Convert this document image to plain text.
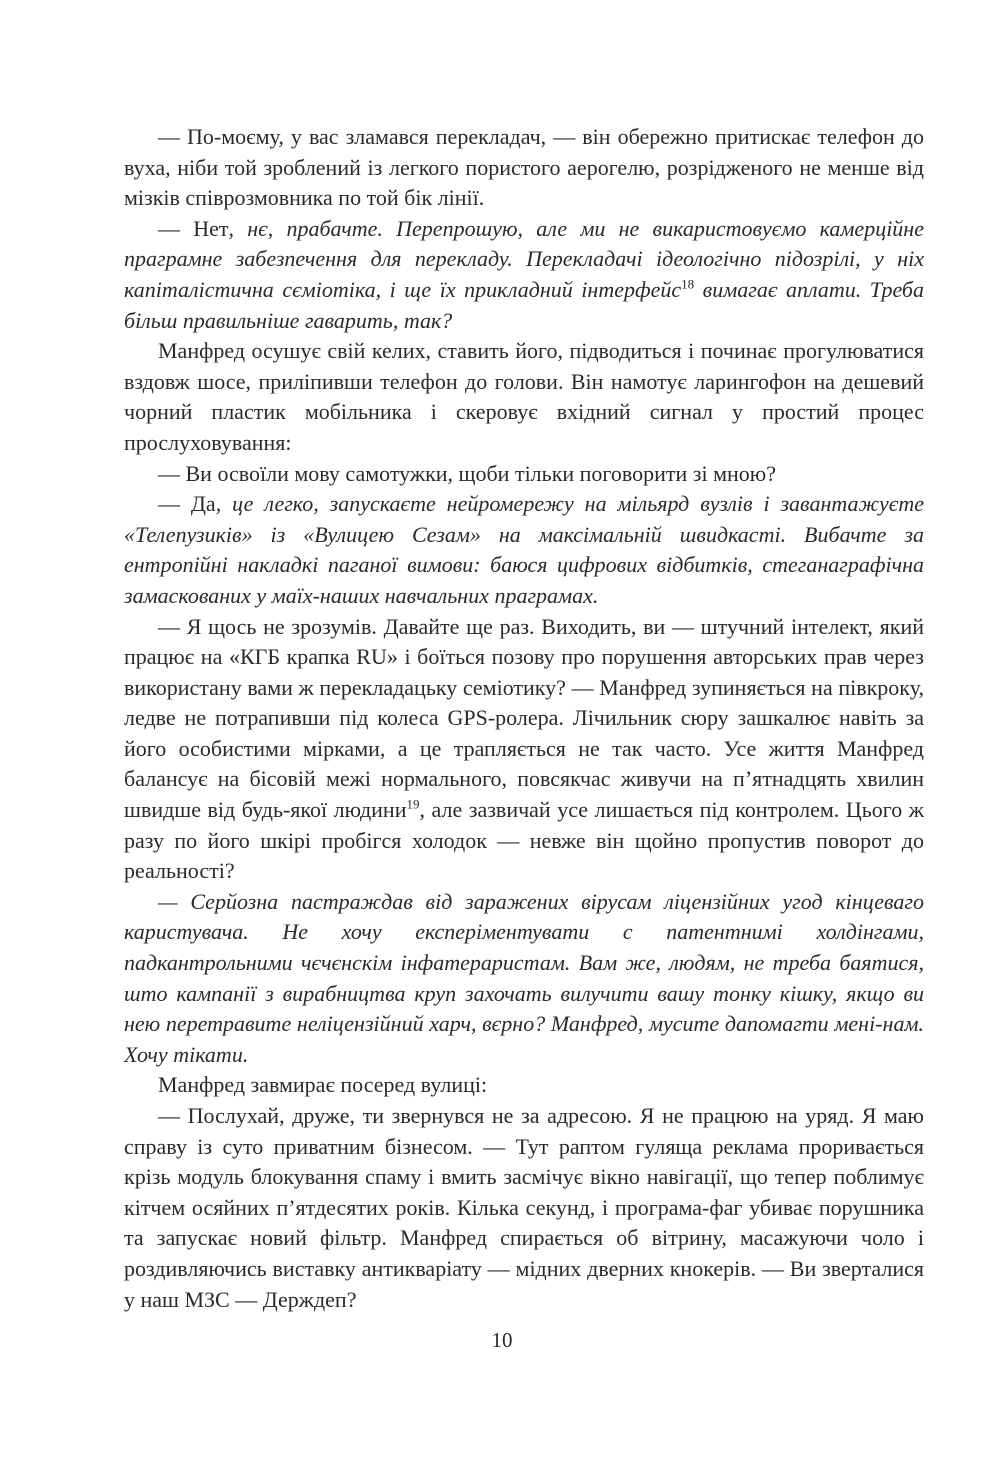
— По-моєму, у вас зламався перекладач, — він обережно притискає телефон до вуха, ніби той зроблений із легкого пористого аерогелю, розрідженого не менше від мізків співрозмовника по той бік лінії.

— Нет, нє, прабачте. Перепрошую, але ми не викаристовуємо камерційне праграмне забезпечення для перекладу. Перекладачі ідеологічно підозрілі, у ніх капіталістична сєміотіка, і ще їх прикладний інтерфейс$^{18}$ вимагає аплати. Треба більш правильніше гаварить, так?

Манфред осушує свій келих, ставить його, підводиться і починає прогулюватися вздовж шосе, приліпивши телефон до голови. Він намотує ларингофон на дешевий чорний пластик мобільника і скеровує вхідний сигнал у простий процес прослуховування:

— Ви освоїли мову самотужки, щоби тільки поговорити зі мною?

— Да, це легко, запускаєте нейромережу на мільярд вузлів і завантажуєте «Телепузиків» із «Вулицею Сезам» на максімальній швидкасті. Вибачте за ентропійні накладкі паганої вимови: баюся цифрових відбитків, стеганаграфічна замаскованих у маїх-наших навчальних праграмах.

— Я щось не зрозумів. Давайте ще раз. Виходить, ви — штучний інтелект, який працює на «КГБ крапка RU» і боїться позову про порушення авторських прав через використану вами ж перекладацьку семіотику? — Манфред зупиняється на півкроку, ледве не потрапивши під колеса GPS-ролера. Лічильник сюру зашкалює навіть за його особистими мірками, а це трапляється не так часто. Усе життя Манфред балансує на бісовій межі нормального, повсякчас живучи на п’ятнадцять хвилин швидше від будь-якої людини$^{19}$, але зазвичай усе лишається під контролем. Цього ж разу по його шкірі пробігся холодок — невже він щойно пропустив поворот до реальності?

— Серйозна пастраждав від заражених вірусам ліцензійних угод кінцеваго каристувача. Не хочу експеріментувати с патентнимі холдінгами, падкантрольними чєчєнскім інфатераристам. Вам же, людям, не треба баятися, што кампанії з вирабництва круп захочать вилучити вашу тонку кішку, якщо ви нею перетравите неліцензійний харч, вєрно? Манфред, мусите дапомагти мені-нам. Хочу тікати.

Манфред завмирає посеред вулиці:

— Послухай, друже, ти звернувся не за адресою. Я не працюю на уряд. Я маю справу із суто приватним бізнесом. — Тут раптом гуляща реклама проривається крізь модуль блокування спаму і вмить засмічує вікно навігації, що тепер поблимує кітчем осяйних п’ятдесятих років. Кілька секунд, і програма-фаг убиває порушника та запускає новий фільтр. Манфред спирається об вітрину, масажуючи чоло і роздивляючись виставку антикваріату — мідних дверних кнокерів. — Ви зверталися у наш МЗС — Держдеп?

10
